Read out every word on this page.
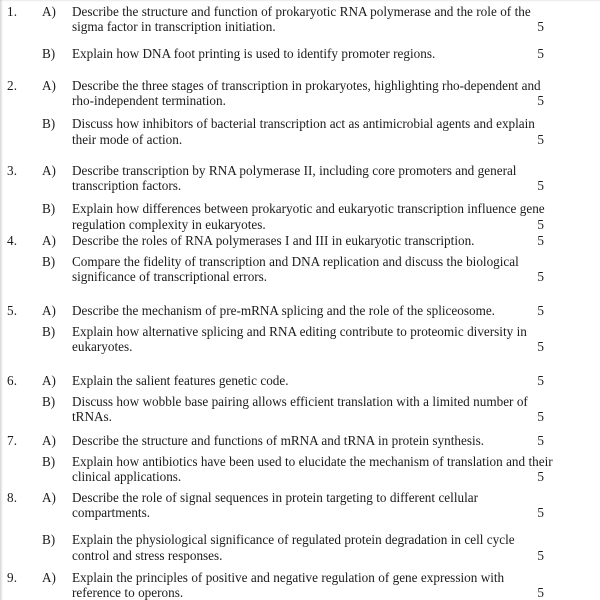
1.	A)	Describe the structure and function of prokaryotic RNA polymerase and the role of the sigma factor in transcription initiation.	5
B)	Explain how DNA foot printing is used to identify promoter regions.	5
2.	A)	Describe the three stages of transcription in prokaryotes, highlighting rho-dependent and rho-independent termination.	5
B)	Discuss how inhibitors of bacterial transcription act as antimicrobial agents and explain their mode of action.	5
3.	A)	Describe transcription by RNA polymerase II, including core promoters and general transcription factors.	5
B)	Explain how differences between prokaryotic and eukaryotic transcription influence gene regulation complexity in eukaryotes.	5
4.	A)	Describe the roles of RNA polymerases I and III in eukaryotic transcription.	5
B)	Compare the fidelity of transcription and DNA replication and discuss the biological significance of transcriptional errors.	5
5.	A)	Describe the mechanism of pre-mRNA splicing and the role of the spliceosome.	5
B)	Explain how alternative splicing and RNA editing contribute to proteomic diversity in eukaryotes.	5
6.	A)	Explain the salient features genetic code.	5
B)	Discuss how wobble base pairing allows efficient translation with a limited number of tRNAs.	5
7.	A)	Describe the structure and functions of mRNA and tRNA in protein synthesis.	5
B)	Explain how antibiotics have been used to elucidate the mechanism of translation and their clinical applications.	5
8.	A)	Describe the role of signal sequences in protein targeting to different cellular compartments.	5
B)	Explain the physiological significance of regulated protein degradation in cell cycle control and stress responses.	5
9.	A)	Explain the principles of positive and negative regulation of gene expression with reference to operons.	5
